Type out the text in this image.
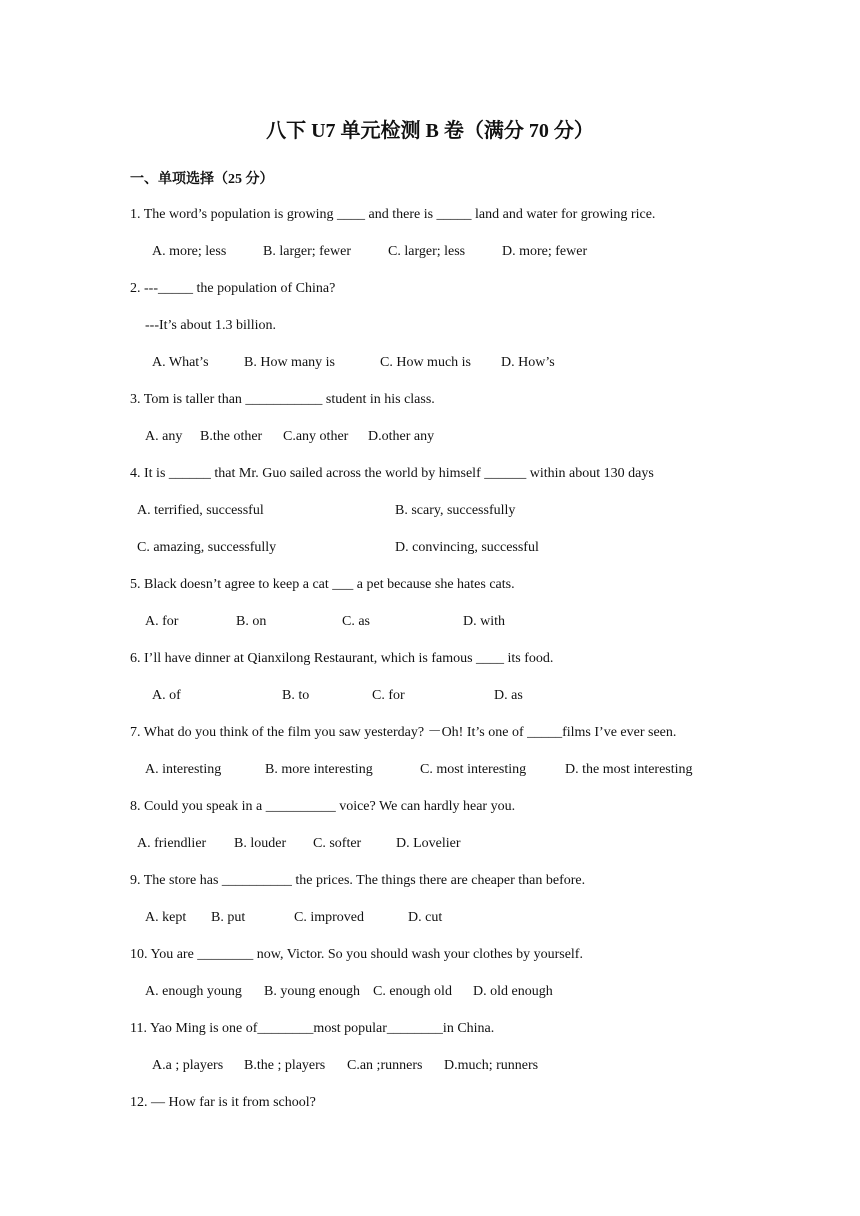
八下 U7 单元检测 B 卷（满分 70 分）
一、单项选择（25 分）
1. The word’s population is growing ____ and there is _____ land and water for growing rice.
A. more; less	B. larger; fewer	C. larger; less	D. more; fewer
2. ---_____ the population of China?
---It’s about 1.3 billion.
A. What’s	B. How many is	C. How much is D. How’s
3. Tom is taller than ___________ student in his class.
A. any B.the other C.any other D.other any
4. It is ______ that Mr. Guo sailed across the world by himself ______ within about 130 days
A. terrified, successful	B. scary, successfully
C. amazing, successfully	D. convincing, successful
5. Black doesn’t agree to keep a cat ___ a pet because she hates cats.
A. for	B. on	C. as	D. with
6. I’ll have dinner at Qianxilong Restaurant, which is famous ____ its food.
A. of	B. to	C. for	D. as
7. What do you think of the film you saw yesterday? －Oh! It’s one of _____films I’ve ever seen.
A. interesting	B. more interesting	C. most interesting	D. the most interesting
8. Could you speak in a __________ voice? We can hardly hear you.
A. friendlier B. louder C. softer D. Lovelier
9. The store has __________ the prices. The things there are cheaper than before.
A. kept B. put	C. improved	D. cut
10. You are ________ now, Victor. So you should wash your clothes by yourself.
A. enough young B. young enough C. enough old D. old enough
11. Yao Ming is one of________most popular________in China.
A.a ; players B.the ; players C.an ;runners D.much; runners
12. — How far is it from school?
